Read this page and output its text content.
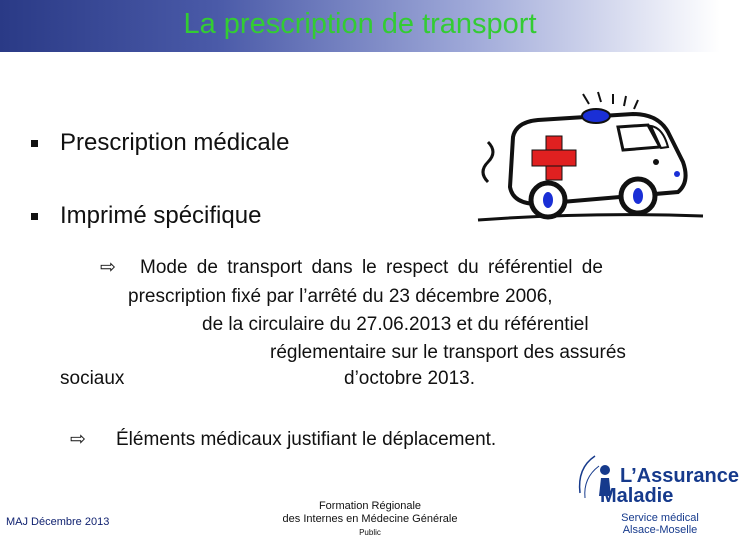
La prescription de transport
Prescription médicale
Imprimé spécifique
⇨ Mode de transport dans le respect du référentiel de
prescription fixé par l’arrêté du 23 décembre 2006,
de la circulaire du 27.06.2013 et du référentiel
réglementaire sur le transport des assurés
sociaux	d’octobre 2013.
⇨ Éléments médicaux justifiant le déplacement.
L’Assurance
Maladie
MAJ Décembre 2013
Formation Régionale
des Internes en Médecine Générale
Public
Service médical
Alsace-Moselle
